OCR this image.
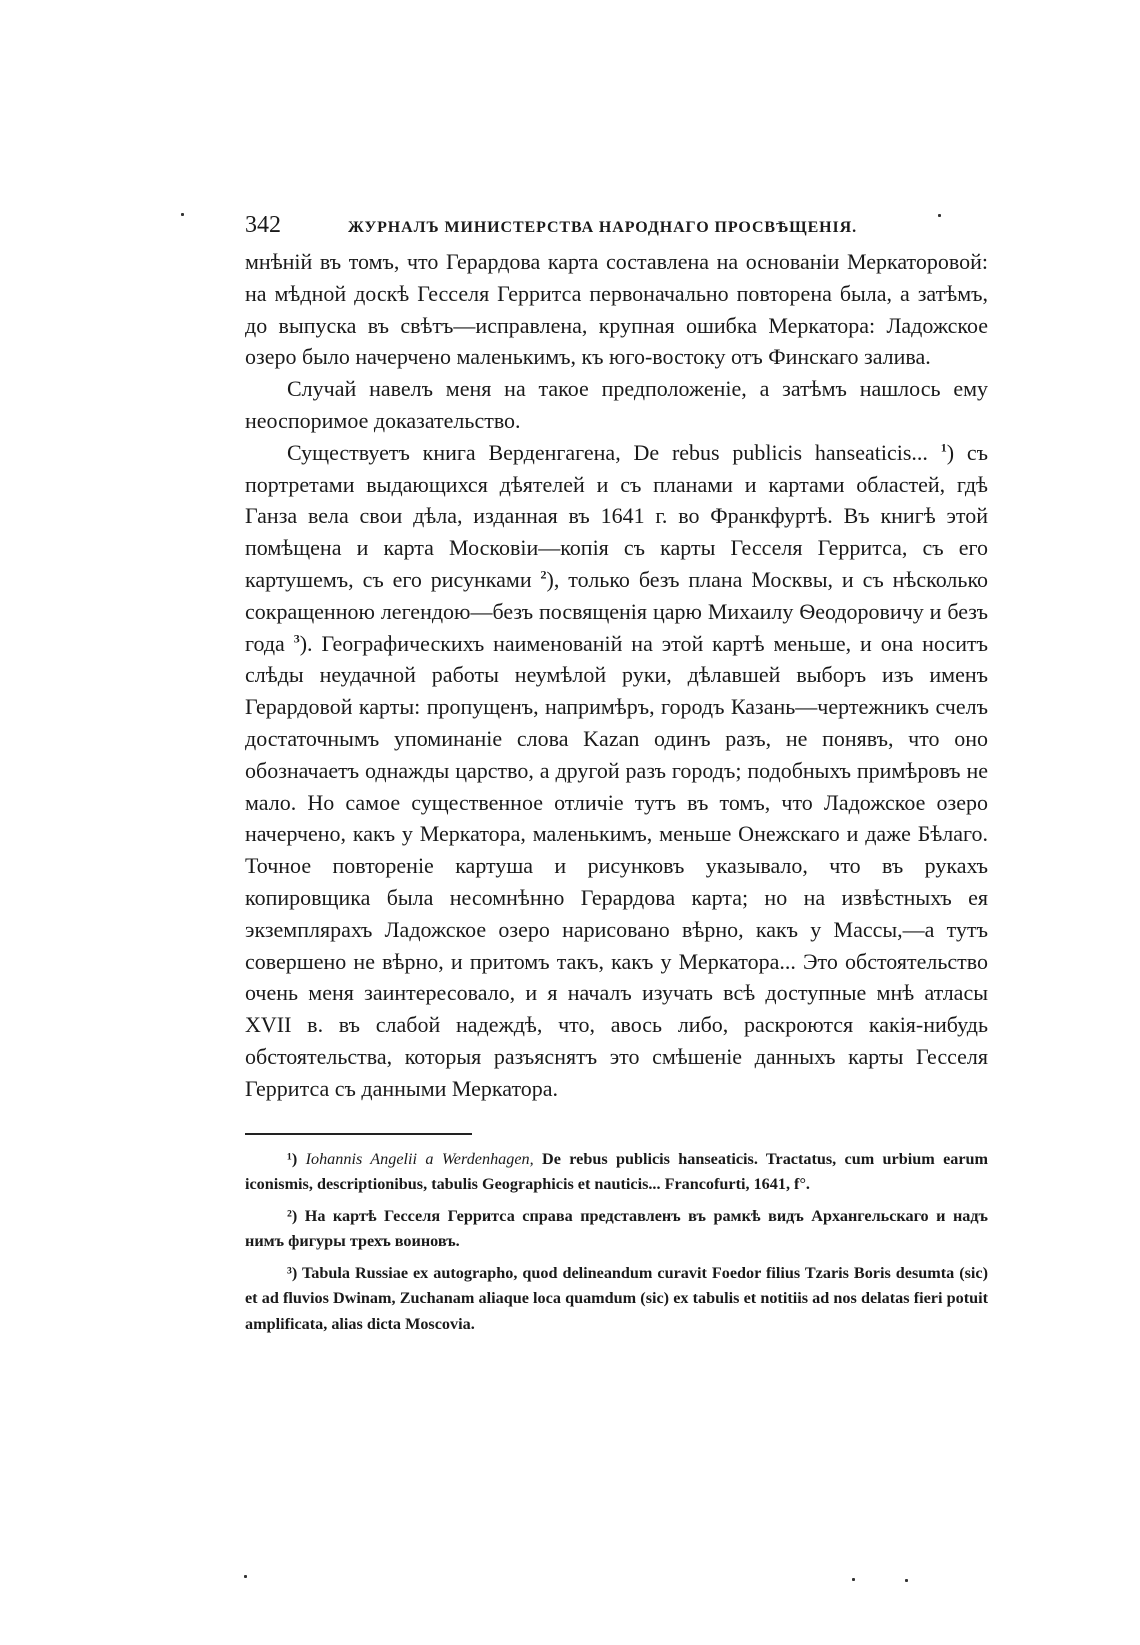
342	ЖУРНАЛЪ МИНИСТЕРСТВА НАРОДНАГО ПРОСВѢЩЕНІЯ.

мнѣній въ томъ, что Герардова карта составлена на основаніи Меркаторовой: на мѣдной доскѣ Гесселя Герритса первоначально повторена была, а затѣмъ, до выпуска въ свѣтъ—исправлена, крупная ошибка Меркатора: Ладожское озеро было начерчено маленькимъ, къ юго-востоку отъ Финскаго залива.

Случай навелъ меня на такое предположеніе, а затѣмъ нашлось ему неоспоримое доказательство.

Существуетъ книга Верденгагена, De rebus publicis hanseaticis... $^1$) съ портретами выдающихся дѣятелей и съ планами и картами областей, гдѣ Ганза вела свои дѣла, изданная въ 1641 г. во Франкфуртѣ. Въ книгѣ этой помѣщена и карта Московіи—копія съ карты Гесселя Герритса, съ его картушемъ, съ его рисунками $^2$), только безъ плана Москвы, и съ нѣсколько сокращенною легендою—безъ посвященія царю Михаилу Ѳеодоровичу и безъ года $^3$). Географическихъ наименованій на этой картѣ меньше, и она носитъ слѣды неудачной работы неумѣлой руки, дѣлавшей выборъ изъ именъ Герардовой карты: пропущенъ, напримѣръ, городъ Казань—чертежникъ счелъ достаточнымъ упоминаніе слова Kazan одинъ разъ, не понявъ, что оно обозначаетъ однажды царство, а другой разъ городъ; подобныхъ примѣровъ не мало. Но самое существенное отличіе тутъ въ томъ, что Ладожское озеро начерчено, какъ у Меркатора, маленькимъ, меньше Онежскаго и даже Бѣлаго. Точное повтореніе картуша и рисунковъ указывало, что въ рукахъ копировщика была несомнѣнно Герардова карта; но на извѣстныхъ ея экземплярахъ Ладожское озеро нарисовано вѣрно, какъ у Массы,—а тутъ совершено не вѣрно, и притомъ такъ, какъ у Меркатора... Это обстоятельство очень меня заинтересовало, и я началъ изучать всѣ доступные мнѣ атласы XVII в. въ слабой надеждѣ, что, авось либо, раскроются какія-нибудь обстоятельства, которыя разъяснятъ это смѣшеніе данныхъ карты Гесселя Герритса съ данными Меркатора.

¹) Iohannis Angelii a Werdenhagen, De rebus publicis hanseaticis. Tractatus, cum urbium earum iconismis, descriptionibus, tabulis Geographicis et nauticis... Francofurti, 1641, f°.

²) На картѣ Гесселя Герритса справа представленъ въ рамкѣ видъ Архангельскаго и надъ нимъ фигуры трехъ воиновъ.

³) Tabula Russiae ex autographo, quod delineandum curavit Foedor filius Tzaris Boris desumta (sic) et ad fluvios Dwinam, Zuchanam aliaque loca quamdum (sic) ex tabulis et notitiis ad nos delatas fieri potuit amplificata, alias dicta Moscovia.
